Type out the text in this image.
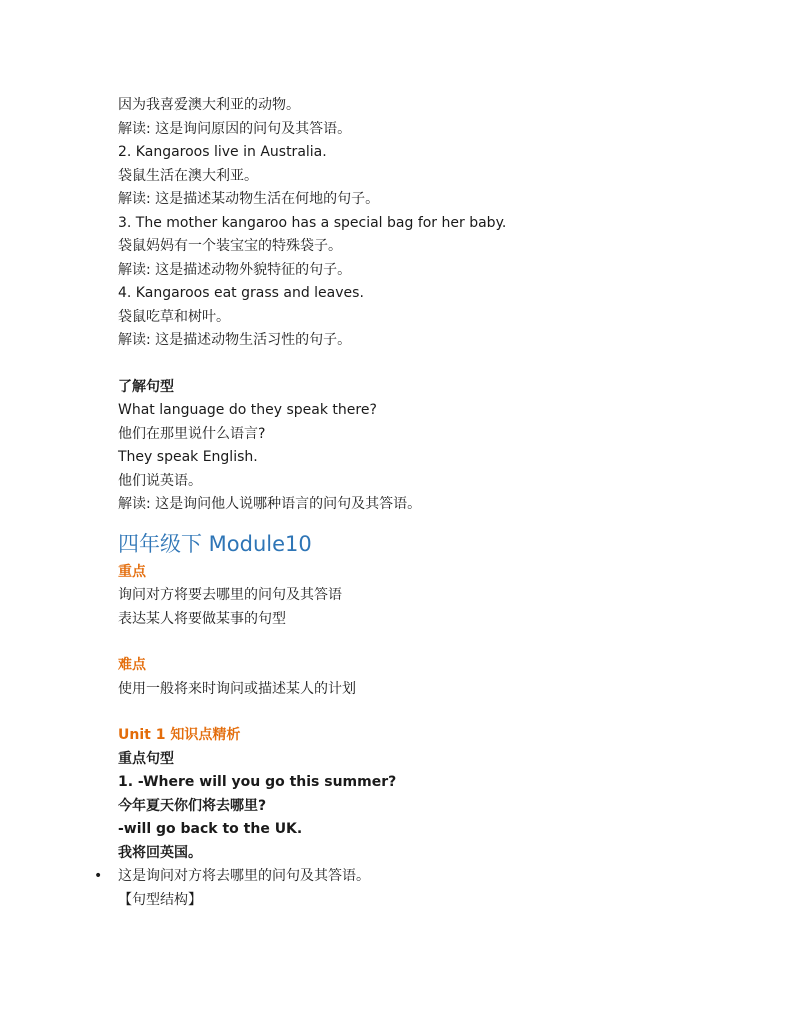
因为我喜爱澳大利亚的动物。
解读: 这是询问原因的问句及其答语。
2. Kangaroos live in Australia.
袋鼠生活在澳大利亚。
解读: 这是描述某动物生活在何地的句子。
3. The mother kangaroo has a special bag for her baby.
袋鼠妈妈有一个装宝宝的特殊袋子。
解读: 这是描述动物外貌特征的句子。
4. Kangaroos eat grass and leaves.
袋鼠吃草和树叶。
解读: 这是描述动物生活习性的句子。
了解句型
What language do they speak there?
他们在那里说什么语言?
They speak English.
他们说英语。
解读: 这是询问他人说哪种语言的问句及其答语。
四年级下 Module10
重点
询问对方将要去哪里的问句及其答语
表达某人将要做某事的句型
难点
使用一般将来时询问或描述某人的计划
Unit 1 知识点精析
重点句型
1. -Where will you go this summer?
今年夏天你们将去哪里?
-will go back to the UK.
我将回英国。
• 这是询问对方将去哪里的问句及其答语。
【句型结构】
